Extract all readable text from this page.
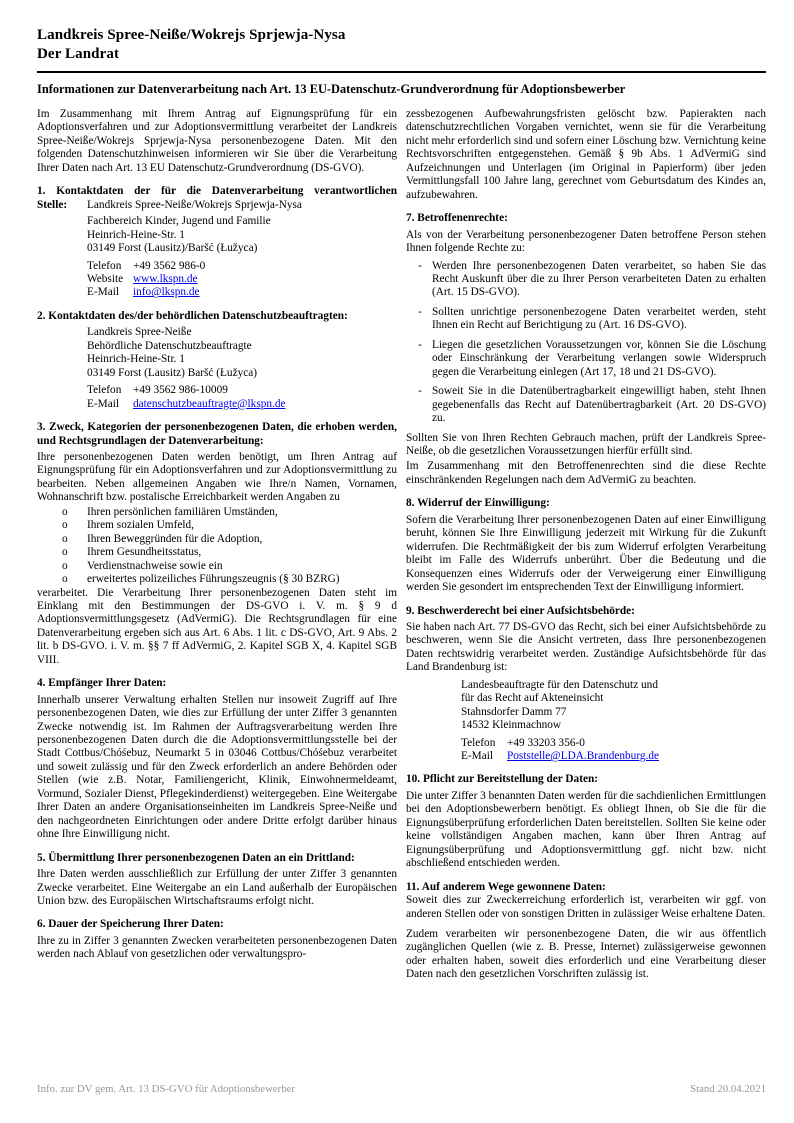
Landkreis Spree-Neiße/Wokrejs Sprjewja-Nysa
Der Landrat
Informationen zur Datenverarbeitung nach Art. 13 EU-Datenschutz-Grundverordnung für Adoptionsbewerber

Im Zusammenhang mit Ihrem Antrag auf Eignungsprüfung für ein Adoptionsverfahren und zur Adoptionsvermittlung verarbeitet der Landkreis Spree-Neiße/Wokrejs Sprjewja-Nysa personenbezogene Daten. Mit den folgenden Datenschutzhinweisen informieren wir Sie über die Verarbeitung Ihrer Daten nach Art. 13 EU Datenschutz-Grundverordnung (DS-GVO).

1. Kontaktdaten der für die Datenverarbeitung verantwortlichen
Stelle:	Landkreis Spree-Neiße/Wokrejs Sprjewja-Nysa
Fachbereich Kinder, Jugend und Familie
Heinrich-Heine-Str. 1
03149 Forst (Lausitz)/Baršć (Łužyca)
Telefon	+49 3562 986-0
Website www.lkspn.de
E-Mail	info@lkspn.de
2. Kontaktdaten des/der behördlichen Datenschutzbeauftragten:
Landkreis Spree-Neiße
Behördliche Datenschutzbeauftragte
Heinrich-Heine-Str. 1
03149 Forst (Lausitz) Baršć (Łužyca)
Telefon	+49 3562 986-10009
E-Mail	datenschutzbeauftragte@lkspn.de
3. Zweck, Kategorien der personenbezogenen Daten, die erhoben werden, und Rechtsgrundlagen der Datenverarbeitung:

Ihre personenbezogenen Daten werden benötigt, um Ihren Antrag auf Eignungsprüfung für ein Adoptionsverfahren und zur Adoptionsvermittlung zu bearbeiten. Neben allgemeinen Angaben wie Ihre/n Namen, Vornamen, Wohnanschrift bzw. postalische Erreichbarkeit werden Angaben zu

o	Ihren persönlichen familiären Umständen,
o	Ihrem sozialen Umfeld,
o	Ihren Beweggründen für die Adoption,
o	Ihrem Gesundheitsstatus,
o	Verdienstnachweise sowie ein
o	erweitertes polizeiliches Führungszeugnis (§ 30 BZRG)

verarbeitet. Die Verarbeitung Ihrer personenbezogenen Daten steht im Einklang mit den Bestimmungen der DS-GVO i. V. m. § 9 d Adoptionsvermittlungsgesetz (AdVermiG). Die Rechtsgrundlagen für eine Datenverarbeitung ergeben sich aus Art. 6 Abs. 1 lit. c DS-GVO, Art. 9 Abs. 2 lit. b DS-GVO. i. V. m. §§ 7 ff AdVermiG, 2. Kapitel SGB X, 4. Kapitel SGB VIII.

4. Empfänger Ihrer Daten:

Innerhalb unserer Verwaltung erhalten Stellen nur insoweit Zugriff auf Ihre personenbezogenen Daten, wie dies zur Erfüllung der unter Ziffer 3 genannten Zwecke notwendig ist. Im Rahmen der Auftragsverarbeitung werden Ihre personenbezogenen Daten durch die die Adoptionsvermittlungsstelle bei der Stadt Cottbus/Chóśebuz, Neumarkt 5 in 03046 Cottbus/Chóśebuz verarbeitet und soweit zulässig und für den Zweck erforderlich an andere Behörden oder Stellen (wie z.B. Notar, Familiengericht, Klinik, Einwohnermeldeamt, Vormund, Sozialer Dienst, Pflegekinderdienst) weitergegeben. Eine Weitergabe Ihrer Daten an andere Organisationseinheiten im Landkreis Spree-Neiße und den nachgeordneten Einrichtungen oder andere Dritte erfolgt darüber hinaus ohne Ihre Einwilligung nicht.

5. Übermittlung Ihrer personenbezogenen Daten an ein Drittland:

Ihre Daten werden ausschließlich zur Erfüllung der unter Ziffer 3 genannten Zwecke verarbeitet. Eine Weitergabe an ein Land außerhalb der Europäischen Union bzw. des Europäischen Wirtschaftsraums erfolgt nicht.

6. Dauer der Speicherung Ihrer Daten:

Ihre zu in Ziffer 3 genannten Zwecken verarbeiteten personenbezogenen Daten werden nach Ablauf von gesetzlichen oder verwaltungspro-

zessbezogenen Aufbewahrungsfristen gelöscht bzw. Papierakten nach datenschutzrechtlichen Vorgaben vernichtet, wenn sie für die Verarbeitung nicht mehr erforderlich sind und sofern einer Löschung bzw. Vernichtung keine Rechtsvorschriften entgegenstehen. Gemäß § 9b Abs. 1 AdVermiG sind Aufzeichnungen und Unterlagen (im Original in Papierform) über jeden Vermittlungsfall 100 Jahre lang, gerechnet vom Geburtsdatum des Kindes an, aufzubewahren.

7. Betroffenenrechte:

Als von der Verarbeitung personenbezogener Daten betroffene Person stehen Ihnen folgende Rechte zu:

- Werden Ihre personenbezogenen Daten verarbeitet, so haben Sie das Recht Auskunft über die zu Ihrer Person verarbeiteten Daten zu erhalten (Art. 15 DS-GVO).
- Sollten unrichtige personenbezogene Daten verarbeitet werden, steht Ihnen ein Recht auf Berichtigung zu (Art. 16 DS-GVO).
- Liegen die gesetzlichen Voraussetzungen vor, können Sie die Löschung oder Einschränkung der Verarbeitung verlangen sowie Widerspruch gegen die Verarbeitung einlegen (Art 17, 18 und 21 DS-GVO).
- Soweit Sie in die Datenübertragbarkeit eingewilligt haben, steht Ihnen gegebenenfalls das Recht auf Datenübertragbarkeit (Art. 20 DS-GVO) zu.

Sollten Sie von Ihren Rechten Gebrauch machen, prüft der Landkreis Spree-Neiße, ob die gesetzlichen Voraussetzungen hierfür erfüllt sind.

Im Zusammenhang mit den Betroffenenrechten sind die diese Rechte einschränkenden Regelungen nach dem AdVermiG zu beachten.

8. Widerruf der Einwilligung:

Sofern die Verarbeitung Ihrer personenbezogenen Daten auf einer Einwilligung beruht, können Sie Ihre Einwilligung jederzeit mit Wirkung für die Zukunft widerrufen. Die Rechtmäßigkeit der bis zum Widerruf erfolgten Verarbeitung bleibt im Falle des Widerrufs unberührt. Über die Bedeutung und die Konsequenzen eines Widerrufs oder der Verweigerung einer Einwilligung werden Sie gesondert im entsprechenden Text der Einwilligung informiert.

9. Beschwerderecht bei einer Aufsichtsbehörde:

Sie haben nach Art. 77 DS-GVO das Recht, sich bei einer Aufsichtsbehörde zu beschweren, wenn Sie die Ansicht vertreten, dass Ihre personenbezogenen Daten rechtswidrig verarbeitet werden. Zuständige Aufsichtsbehörde für das Land Brandenburg ist:

Landesbeauftragte für den Datenschutz und
für das Recht auf Akteneinsicht
Stahnsdorfer Damm 77
14532 Kleinmachnow
Telefon	+49 33203 356-0
E-Mail	Poststelle@LDA.Brandenburg.de
10. Pflicht zur Bereitstellung der Daten:

Die unter Ziffer 3 benannten Daten werden für die sachdienlichen Ermittlungen bei den Adoptionsbewerbern benötigt. Es obliegt Ihnen, ob Sie die für die Eignungsüberprüfung erforderlichen Daten bereitstellen. Sollten Sie keine oder keine vollständigen Angaben machen, kann über Ihren Antrag auf Eignungsüberprüfung und Adoptionsvermittlung ggf. nicht bzw. nicht abschließend entschieden werden.

11. Auf anderem Wege gewonnene Daten:

Soweit dies zur Zweckerreichung erforderlich ist, verarbeiten wir ggf. von anderen Stellen oder von sonstigen Dritten in zulässiger Weise erhaltene Daten.

Zudem verarbeiten wir personenbezogene Daten, die wir aus öffentlich zugänglichen Quellen (wie z. B. Presse, Internet) zulässigerweise gewonnen oder erhalten haben, soweit dies erforderlich und eine Verarbeitung dieser Daten nach den gesetzlichen Vorschriften zulässig ist.

Info. zur DV gem. Art. 13 DS-GVO für Adoptionsbewerber	Stand 20.04.2021
